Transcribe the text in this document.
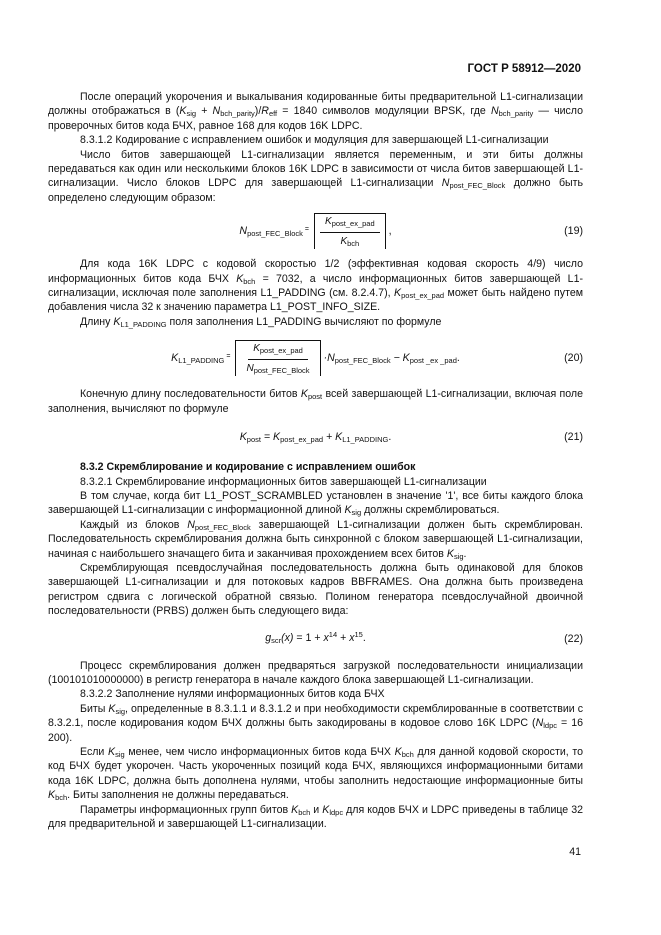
ГОСТ Р 58912—2020

После операций укорочения и выкалывания кодированные биты предварительной L1-сигнализации должны отображаться в $(K_{sig} + N_{bch\_parity})/R_{eff} = 1840$ символов модуляции BPSK, где $N_{bch\_parity}$ — число проверочных битов кода БЧХ, равное 168 для кодов 16K LDPC.

8.3.1.2 Кодирование с исправлением ошибок и модуляция для завершающей L1-сигнализации

Число битов завершающей L1-сигнализации является переменным, и эти биты должны передаваться как один или несколькими блоков 16K LDPC в зависимости от числа битов завершающей L1-сигнализации. Число блоков LDPC для завершающей L1-сигнализации $N_{post\_FEC\_Block}$ должно быть определено следующим образом:

$N_{post\_FEC\_Block} = \frac{K_{post\_ex\_pad}}{K_{bch}}$ ,	(19)

Для кода 16K LDPC с кодовой скоростью 1/2 (эффективная кодовая скорость 4/9) число информационных битов кода БЧХ $K_{bch} = 7032$, а число информационных битов завершающей L1-сигнализации, исключая поле заполнения L1_PADDING (см. 8.2.4.7), $K_{post\_ex\_pad}$ может быть найдено путем добавления числа 32 к значению параметра L1_POST_INFO_SIZE.

Длину $K_{L1\_PADDING}$ поля заполнения L1_PADDING вычисляют по формуле

$K_{L1\_PADDING} = \frac{K_{post\_ex\_pad}}{N_{post\_FEC\_Block}} \cdot N_{post\_FEC\_Block} - K_{post \_ex \_pad}$.	(20)

Конечную длину последовательности битов $K_{post}$ всей завершающей L1-сигнализации, включая поле заполнения, вычисляют по формуле

$K_{post} = K_{post\_ex\_pad} + K_{L1\_PADDING}$.	(21)

8.3.2 Скремблирование и кодирование с исправлением ошибок

8.3.2.1 Скремблирование информационных битов завершающей L1-сигнализации

В том случае, когда бит L1_POST_SCRAMBLED установлен в значение '1', все биты каждого блока завершающей L1-сигнализации с информационной длиной $K_{sig}$ должны скремблироваться.

Каждый из блоков $N_{post\_FEC\_Block}$ завершающей L1-сигнализации должен быть скремблирован. Последовательность скремблирования должна быть синхронной с блоком завершающей L1-сигнализации, начиная с наибольшего значащего бита и заканчивая прохождением всех битов $K_{sig}$.

Скремблирующая псевдослучайная последовательность должна быть одинаковой для блоков завершающей L1-сигнализации и для потоковых кадров BBFRAMES. Она должна быть произведена регистром сдвига с логической обратной связью. Полином генератора псевдослучайной двоичной последовательности (PRBS) должен быть следующего вида:

$g_{scr}(x) = 1 + x^{14} + x^{15}$.	(22)

Процесс скремблирования должен предваряться загрузкой последовательности инициализации (100101010000000) в регистр генератора в начале каждого блока завершающей L1-сигнализации.

8.3.2.2 Заполнение нулями информационных битов кода БЧХ

Биты $K_{sig}$, определенные в 8.3.1.1 и 8.3.1.2 и при необходимости скремблированные в соответствии с 8.3.2.1, после кодирования кодом БЧХ должны быть закодированы в кодовое слово 16K LDPC ($N_{ldpc} = 16$ 200).

Если $K_{sig}$ менее, чем число информационных битов кода БЧХ $K_{bch}$ для данной кодовой скорости, то код БЧХ будет укорочен. Часть укороченных позиций кода БЧХ, являющихся информационными битами кода 16K LDPC, должна быть дополнена нулями, чтобы заполнить недостающие информационные биты $K_{bch}$. Биты заполнения не должны передаваться.

Параметры информационных групп битов $K_{bch}$ и $K_{ldpc}$ для кодов БЧХ и LDPC приведены в таблице 32 для предварительной и завершающей L1-сигнализации.

41
